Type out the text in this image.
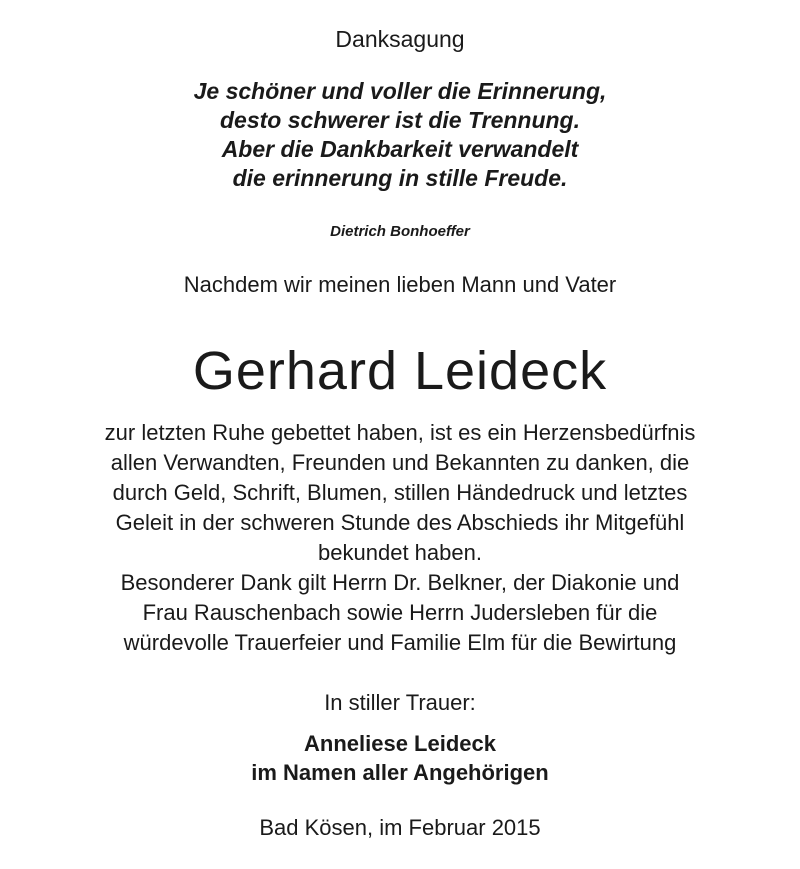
Danksagung
Je schöner und voller die Erinnerung,
desto schwerer ist die Trennung.
Aber die Dankbarkeit verwandelt
die erinnerung in stille Freude.
Dietrich Bonhoeffer
Nachdem wir meinen lieben Mann und Vater
Gerhard Leideck
zur letzten Ruhe gebettet haben, ist es ein Herzensbedürfnis
allen Verwandten, Freunden und Bekannten zu danken, die
durch Geld, Schrift, Blumen, stillen Händedruck und letztes
Geleit in der schweren Stunde des Abschieds ihr Mitgefühl
bekundet haben.
Besonderer Dank gilt Herrn Dr. Belkner, der Diakonie und
Frau Rauschenbach sowie Herrn Judersleben für die
würdevolle Trauerfeier und Familie Elm für die Bewirtung
In stiller Trauer:
Anneliese Leideck
im Namen aller Angehörigen
Bad Kösen, im Februar 2015
